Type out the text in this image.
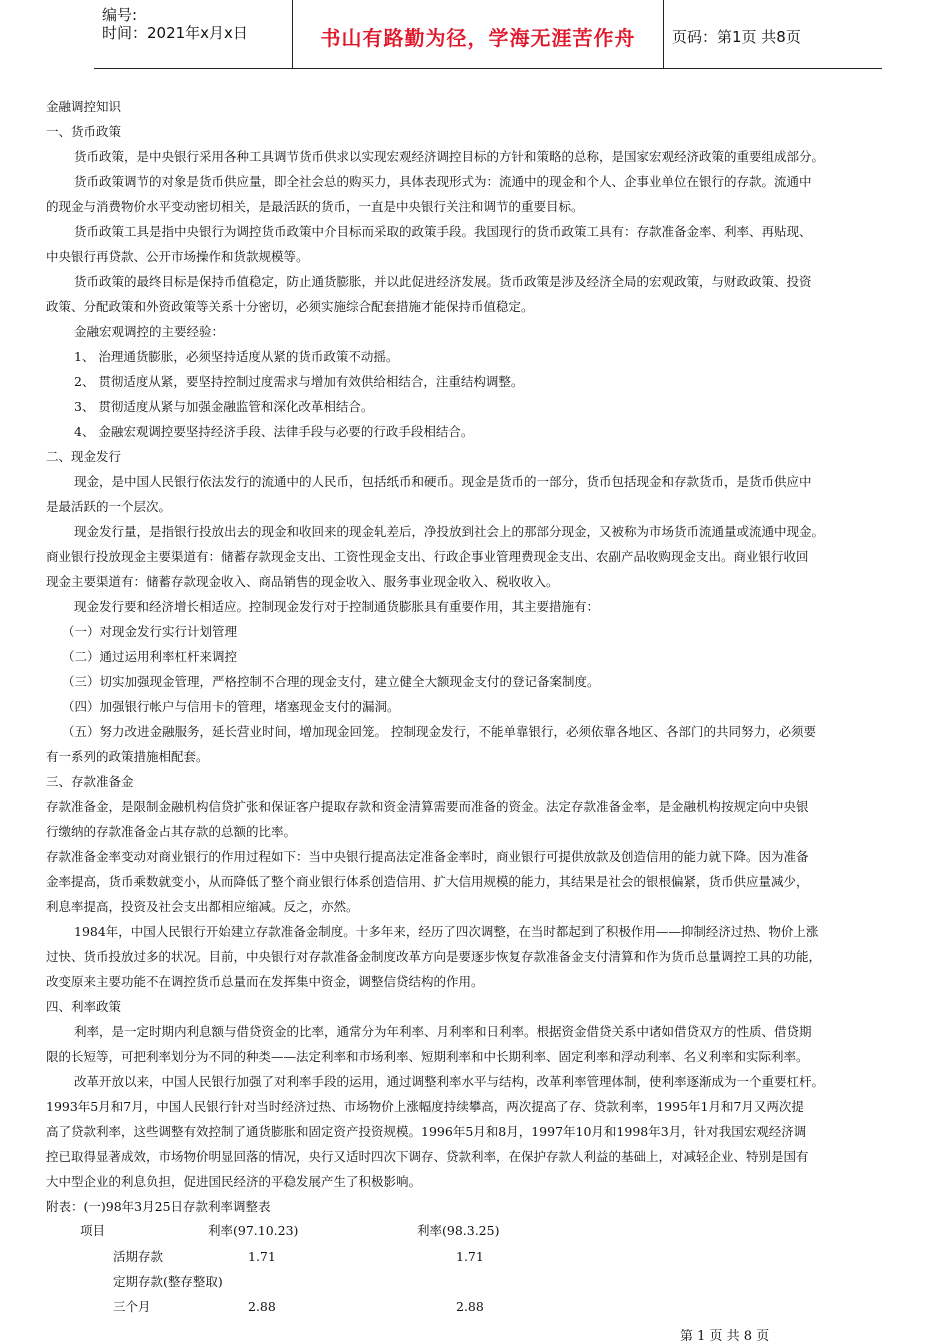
编号:
时间：2021年x月x日	书山有路勤为径，学海无涯苦作舟	页码：第1页 共8页
金融调控知识
一、货币政策
货币政策，是中央银行采用各种工具调节货币供求以实现宏观经济调控目标的方针和策略的总称，是国家宏观经济政策的重要组成部分。
货币政策调节的对象是货币供应量，即全社会总的购买力，具体表现形式为：流通中的现金和个人、企事业单位在银行的存款。流通中
的现金与消费物价水平变动密切相关，是最活跃的货币，一直是中央银行关注和调节的重要目标。
货币政策工具是指中央银行为调控货币政策中介目标而采取的政策手段。我国现行的货币政策工具有：存款准备金率、利率、再贴现、
中央银行再贷款、公开市场操作和货款规模等。
货币政策的最终目标是保持币值稳定，防止通货膨胀，并以此促进经济发展。货币政策是涉及经济全局的宏观政策，与财政政策、投资
政策、分配政策和外资政策等关系十分密切，必须实施综合配套措施才能保持币值稳定。
金融宏观调控的主要经验：
1、 治理通货膨胀，必须坚持适度从紧的货币政策不动摇。
2、 贯彻适度从紧，要坚持控制过度需求与增加有效供给相结合，注重结构调整。
3、 贯彻适度从紧与加强金融监管和深化改革相结合。
4、 金融宏观调控要坚持经济手段、法律手段与必要的行政手段相结合。
二、现金发行
现金，是中国人民银行依法发行的流通中的人民币，包括纸币和硬币。现金是货币的一部分，货币包括现金和存款货币，是货币供应中
是最活跃的一个层次。
现金发行量，是指银行投放出去的现金和收回来的现金轧差后，净投放到社会上的那部分现金，又被称为市场货币流通量或流通中现金。
商业银行投放现金主要渠道有：储蓄存款现金支出、工资性现金支出、行政企事业管理费现金支出、农副产品收购现金支出。商业银行收回
现金主要渠道有：储蓄存款现金收入、商品销售的现金收入、服务事业现金收入、税收收入。
现金发行要和经济增长相适应。控制现金发行对于控制通货膨胀具有重要作用，其主要措施有：
（一）对现金发行实行计划管理
（二）通过运用利率杠杆来调控
（三）切实加强现金管理，严格控制不合理的现金支付，建立健全大额现金支付的登记备案制度。
（四）加强银行帐户与信用卡的管理，堵塞现金支付的漏洞。
（五）努力改进金融服务，延长营业时间，增加现金回笼。 控制现金发行，不能单靠银行，必须依靠各地区、各部门的共同努力，必须要
有一系列的政策措施相配套。
三、存款准备金
存款准备金，是限制金融机构信贷扩张和保证客户提取存款和资金清算需要而准备的资金。法定存款准备金率，是金融机构按规定向中央银
行缴纳的存款准备金占其存款的总额的比率。
存款准备金率变动对商业银行的作用过程如下：当中央银行提高法定准备金率时，商业银行可提供放款及创造信用的能力就下降。因为准备
金率提高，货币乘数就变小，从而降低了整个商业银行体系创造信用、扩大信用规模的能力，其结果是社会的银根偏紧，货币供应量减少，
利息率提高，投资及社会支出都相应缩减。反之，亦然。
1984年，中国人民银行开始建立存款准备金制度。十多年来，经历了四次调整，在当时都起到了积极作用——抑制经济过热、物价上涨
过快、货币投放过多的状况。目前，中央银行对存款准备金制度改革方向是要逐步恢复存款准备金支付清算和作为货币总量调控工具的功能，
改变原来主要功能不在调控货币总量而在发挥集中资金，调整信贷结构的作用。
四、利率政策
利率，是一定时期内利息额与借贷资金的比率，通常分为年利率、月利率和日利率。根据资金借贷关系中诸如借贷双方的性质、借贷期
限的长短等，可把利率划分为不同的种类——法定利率和市场利率、短期利率和中长期利率、固定利率和浮动利率、名义利率和实际利率。
改革开放以来，中国人民银行加强了对利率手段的运用，通过调整利率水平与结构，改革利率管理体制，使利率逐渐成为一个重要杠杆。
1993年5月和7月，中国人民银行针对当时经济过热、市场物价上涨幅度持续攀高，两次提高了存、贷款利率，1995年1月和7月又两次提
高了贷款利率，这些调整有效控制了通货膨胀和固定资产投资规模。1996年5月和8月，1997年10月和1998年3月，针对我国宏观经济调
控已取得显著成效，市场物价明显回落的情况，央行又适时四次下调存、贷款利率，在保护存款人利益的基础上，对减轻企业、特别是国有
大中型企业的利息负担，促进国民经济的平稳发展产生了积极影响。
附表：(一)98年3月25日存款利率调整表
项目	利率(97.10.23)	利率(98.3.25)
活期存款	1.71	1.71
定期存款(整存整取)
三个月	2.88	2.88
第 1 页 共 8 页
